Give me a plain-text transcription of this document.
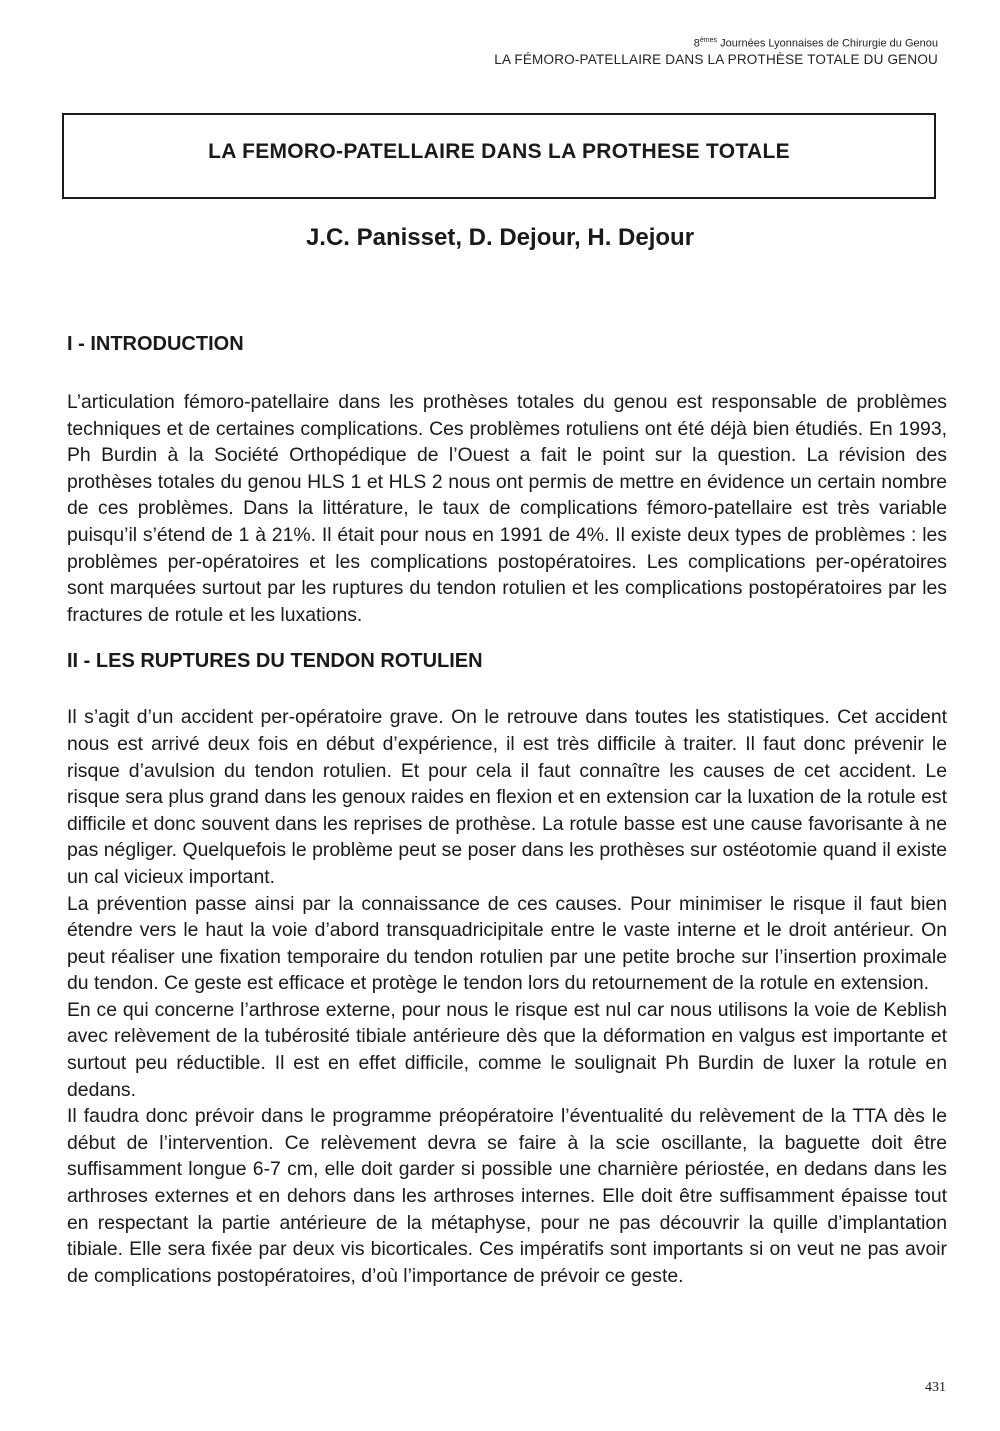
8èmes Journées Lyonnaises de Chirurgie du Genou
LA FÉMORO-PATELLAIRE DANS LA PROTHÈSE TOTALE DU GENOU
LA FEMORO-PATELLAIRE DANS LA PROTHESE TOTALE
J.C. Panisset, D. Dejour, H. Dejour
I - INTRODUCTION

L’articulation fémoro-patellaire dans les prothèses totales du genou est responsable de problèmes techniques et de certaines complications. Ces problèmes rotuliens ont été déjà bien étudiés. En 1993, Ph Burdin à la Société Orthopédique de l’Ouest a fait le point sur la question. La révision des prothèses totales du genou HLS 1 et HLS 2 nous ont permis de mettre en évidence un certain nombre de ces problèmes. Dans la littérature, le taux de complications fémoro-patellaire est très variable puisqu’il s’étend de 1 à 21%. Il était pour nous en 1991 de 4%. Il existe deux types de problèmes : les problèmes per-opératoires et les complications postopératoires. Les complications per-opératoires sont marquées surtout par les ruptures du tendon rotulien et les complications postopératoires par les fractures de rotule et les luxations.

II - LES RUPTURES DU TENDON ROTULIEN

Il s’agit d’un accident per-opératoire grave. On le retrouve dans toutes les statistiques. Cet accident nous est arrivé deux fois en début d’expérience, il est très difficile à traiter. Il faut donc prévenir le risque d’avulsion du tendon rotulien. Et pour cela il faut connaître les causes de cet accident. Le risque sera plus grand dans les genoux raides en flexion et en extension car la luxation de la rotule est difficile et donc souvent dans les reprises de prothèse. La rotule basse est une cause favorisante à ne pas négliger. Quelquefois le problème peut se poser dans les prothèses sur ostéotomie quand il existe un cal vicieux important.

La prévention passe ainsi par la connaissance de ces causes. Pour minimiser le risque il faut bien étendre vers le haut la voie d’abord transquadricipitale entre le vaste interne et le droit antérieur. On peut réaliser une fixation temporaire du tendon rotulien par une petite broche sur l’insertion proximale du tendon. Ce geste est efficace et protège le tendon lors du retournement de la rotule en extension.

En ce qui concerne l’arthrose externe, pour nous le risque est nul car nous utilisons la voie de Keblish avec relèvement de la tubérosité tibiale antérieure dès que la déformation en valgus est importante et surtout peu réductible. Il est en effet difficile, comme le soulignait Ph Burdin de luxer la rotule en dedans.

Il faudra donc prévoir dans le programme préopératoire l’éventualité du relèvement de la TTA dès le début de l’intervention. Ce relèvement devra se faire à la scie oscillante, la baguette doit être suffisamment longue 6-7 cm, elle doit garder si possible une charnière périostée, en dedans dans les arthroses externes et en dehors dans les arthroses internes. Elle doit être suffisamment épaisse tout en respectant la partie antérieure de la métaphyse, pour ne pas découvrir la quille d’implantation tibiale. Elle sera fixée par deux vis bicorticales. Ces impératifs sont importants si on veut ne pas avoir de complications postopératoires, d’où l’importance de prévoir ce geste.

431
